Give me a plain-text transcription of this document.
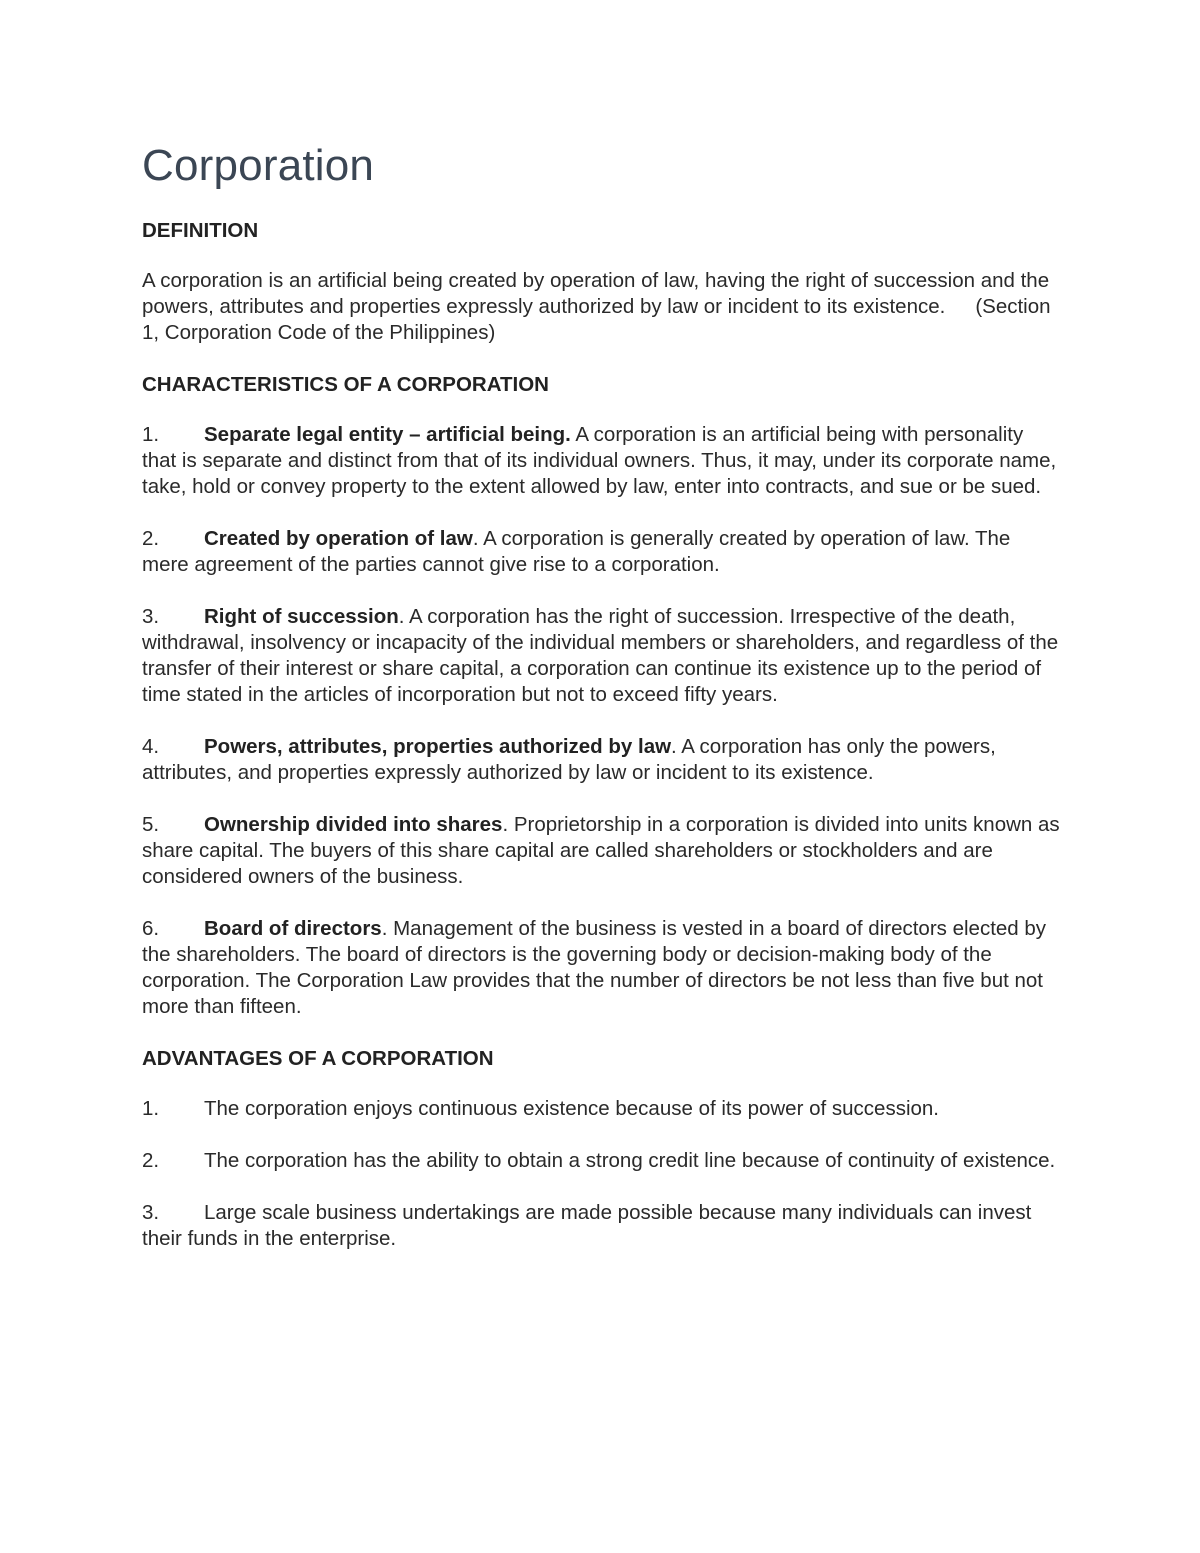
Corporation
DEFINITION

A corporation is an artificial being created by operation of law, having the right of succession and the powers, attributes and properties expressly authorized by law or incident to its existence. (Section 1, Corporation Code of the Philippines)

CHARACTERISTICS OF A CORPORATION

1. Separate legal entity – artificial being. A corporation is an artificial being with personality that is separate and distinct from that of its individual owners. Thus, it may, under its corporate name, take, hold or convey property to the extent allowed by law, enter into contracts, and sue or be sued.

2. Created by operation of law. A corporation is generally created by operation of law. The mere agreement of the parties cannot give rise to a corporation.

3. Right of succession. A corporation has the right of succession. Irrespective of the death, withdrawal, insolvency or incapacity of the individual members or shareholders, and regardless of the transfer of their interest or share capital, a corporation can continue its existence up to the period of time stated in the articles of incorporation but not to exceed fifty years.

4. Powers, attributes, properties authorized by law. A corporation has only the powers, attributes, and properties expressly authorized by law or incident to its existence.

5. Ownership divided into shares. Proprietorship in a corporation is divided into units known as share capital. The buyers of this share capital are called shareholders or stockholders and are considered owners of the business.

6. Board of directors. Management of the business is vested in a board of directors elected by the shareholders. The board of directors is the governing body or decision-making body of the corporation. The Corporation Law provides that the number of directors be not less than five but not more than fifteen.

ADVANTAGES OF A CORPORATION

1. The corporation enjoys continuous existence because of its power of succession.

2. The corporation has the ability to obtain a strong credit line because of continuity of existence.

3. Large scale business undertakings are made possible because many individuals can invest their funds in the enterprise.
